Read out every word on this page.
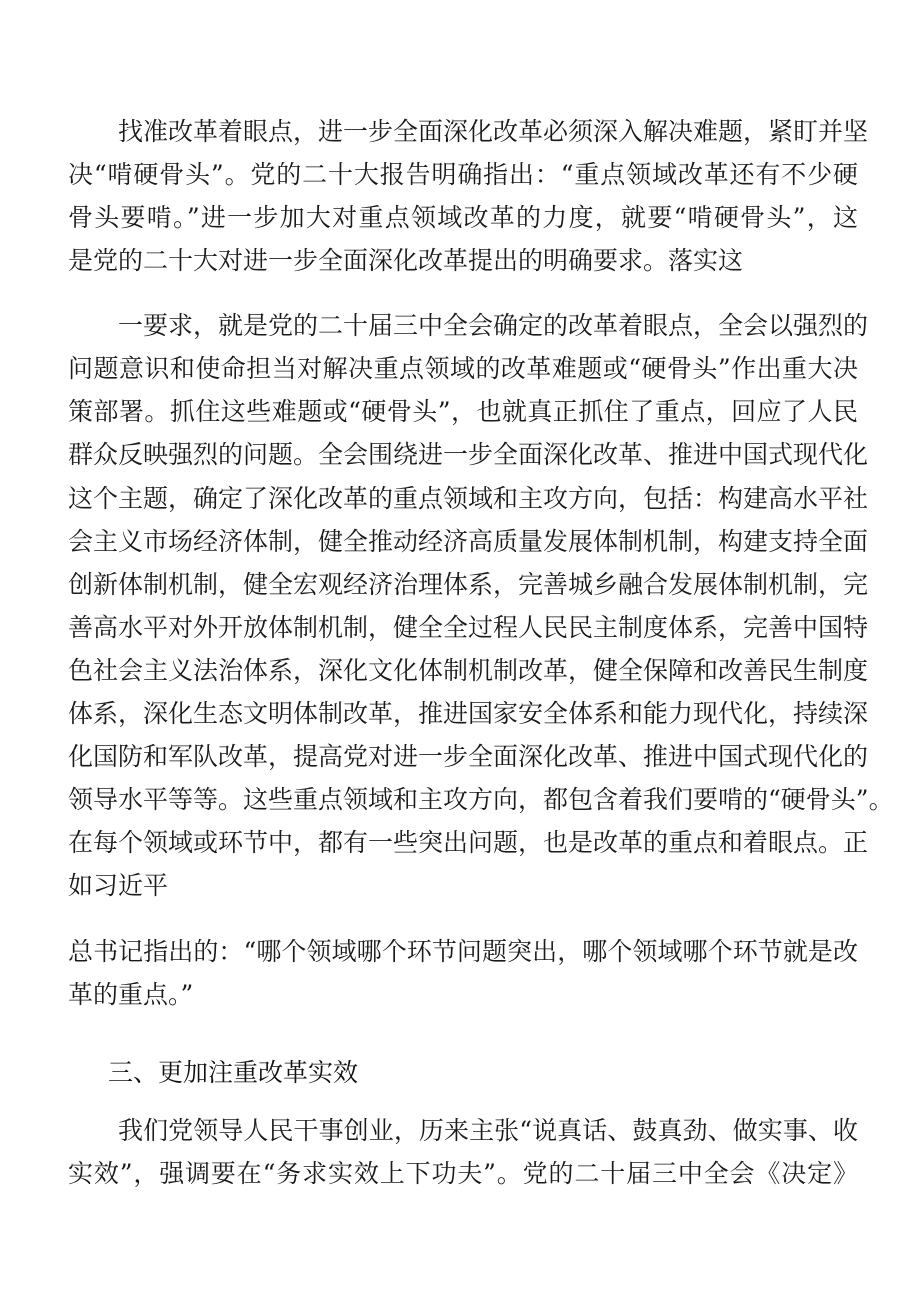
找准改革着眼点，进一步全面深化改革必须深入解决难题，紧盯并坚
决“啃硬骨头”。党的二十大报告明确指出：“重点领域改革还有不少硬
骨头要啃。”进一步加大对重点领域改革的力度，就要“啃硬骨头”，这
是党的二十大对进一步全面深化改革提出的明确要求。落实这
一要求，就是党的二十届三中全会确定的改革着眼点，全会以强烈的
问题意识和使命担当对解决重点领域的改革难题或“硬骨头”作出重大决
策部署。抓住这些难题或“硬骨头”，也就真正抓住了重点，回应了人民
群众反映强烈的问题。全会围绕进一步全面深化改革、推进中国式现代化
这个主题，确定了深化改革的重点领域和主攻方向，包括：构建高水平社
会主义市场经济体制，健全推动经济高质量发展体制机制，构建支持全面
创新体制机制，健全宏观经济治理体系，完善城乡融合发展体制机制，完
善高水平对外开放体制机制，健全全过程人民民主制度体系，完善中国特
色社会主义法治体系，深化文化体制机制改革，健全保障和改善民生制度
体系，深化生态文明体制改革，推进国家安全体系和能力现代化，持续深
化国防和军队改革，提高党对进一步全面深化改革、推进中国式现代化的
领导水平等等。这些重点领域和主攻方向，都包含着我们要啃的“硬骨头”。
在每个领域或环节中，都有一些突出问题，也是改革的重点和着眼点。正
如习近平
总书记指出的：“哪个领域哪个环节问题突出，哪个领域哪个环节就是改
革的重点。”
三、更加注重改革实效
我们党领导人民干事创业，历来主张“说真话、鼓真劲、做实事、收
实效”，强调要在“务求实效上下功夫”。党的二十届三中全会《决定》
